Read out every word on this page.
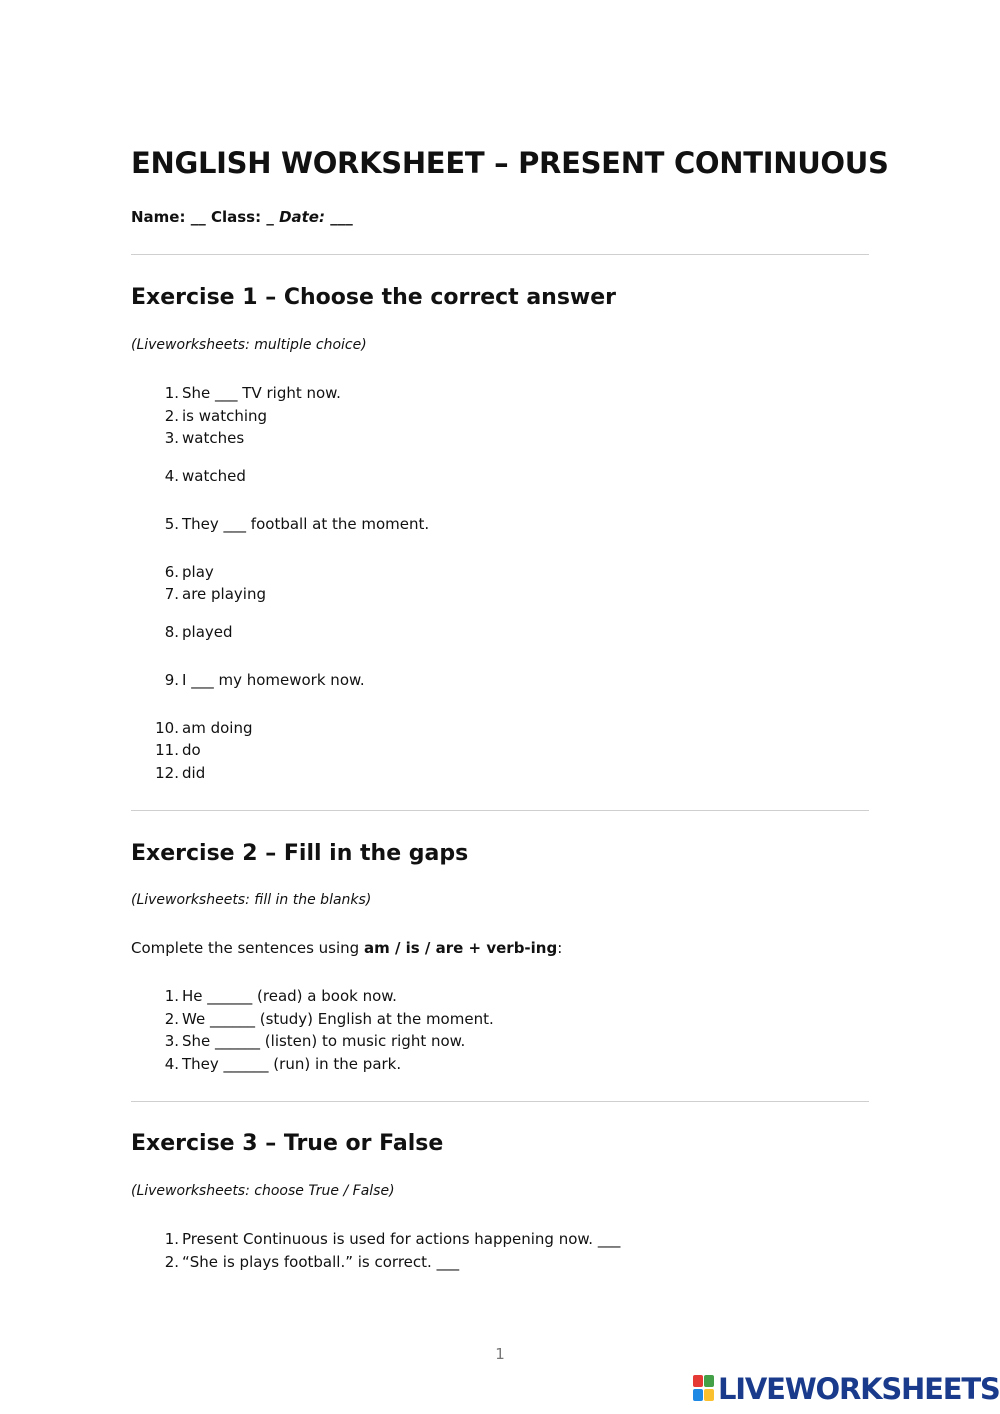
ENGLISH WORKSHEET – PRESENT CONTINUOUS
Name: __ Class: _ Date: ___
Exercise 1 – Choose the correct answer
(Liveworksheets: multiple choice)
1. She ___ TV right now.
2. is watching
3. watches
4. watched
5. They ___ football at the moment.
6. play
7. are playing
8. played
9. I ___ my homework now.
10. am doing
11. do
12. did
Exercise 2 – Fill in the gaps
(Liveworksheets: fill in the blanks)
Complete the sentences using am / is / are + verb-ing:
1. He ______ (read) a book now.
2. We ______ (study) English at the moment.
3. She ______ (listen) to music right now.
4. They ______ (run) in the park.
Exercise 3 – True or False
(Liveworksheets: choose True / False)
1. Present Continuous is used for actions happening now. ___
2. “She is plays football.” is correct. ___
1
LIVEWORKSHEETS
